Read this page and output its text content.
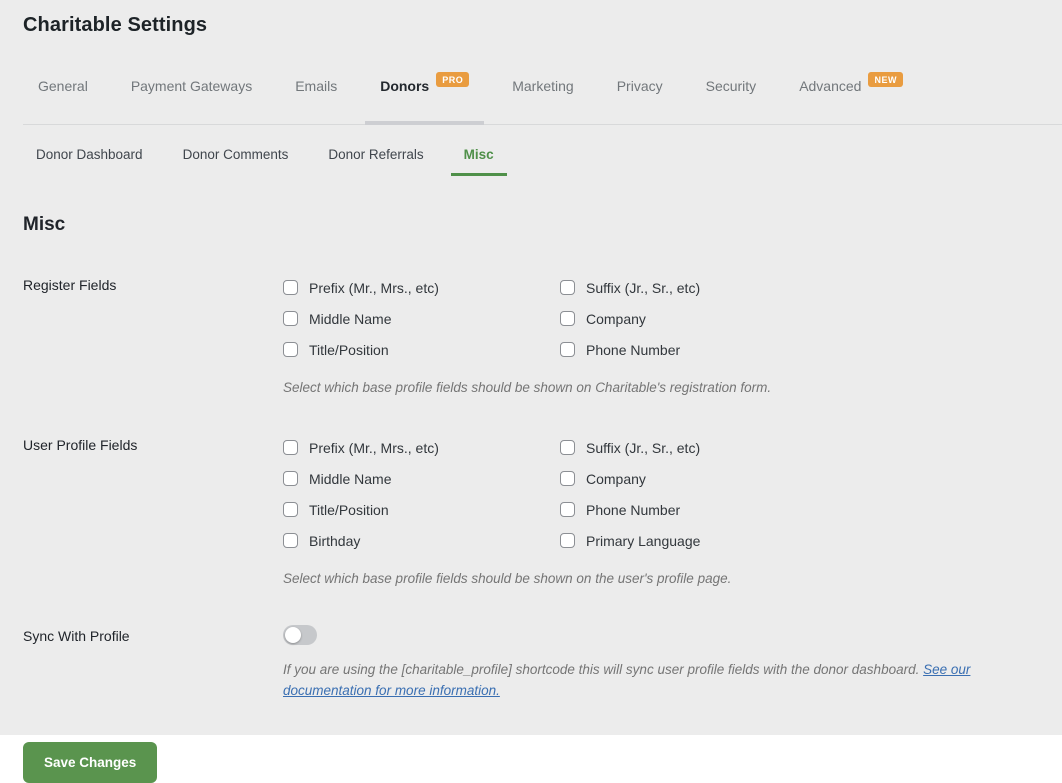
Charitable Settings
General	Payment Gateways	Emails	Donors PRO	Marketing	Privacy	Security	Advanced NEW
Donor Dashboard	Donor Comments	Donor Referrals	Misc
Misc
Register Fields	Prefix (Mr., Mrs., etc)	Suffix (Jr., Sr., etc)
Middle Name	Company
Title/Position	Phone Number

Select which base profile fields should be shown on Charitable's registration form.

User Profile Fields	Prefix (Mr., Mrs., etc)	Suffix (Jr., Sr., etc)
Middle Name	Company
Title/Position	Phone Number
Birthday	Primary Language

Select which base profile fields should be shown on the user's profile page.

Sync With Profile

If you are using the [charitable_profile] shortcode this will sync user profile fields with the donor dashboard. See our documentation for more information.

Save Changes
